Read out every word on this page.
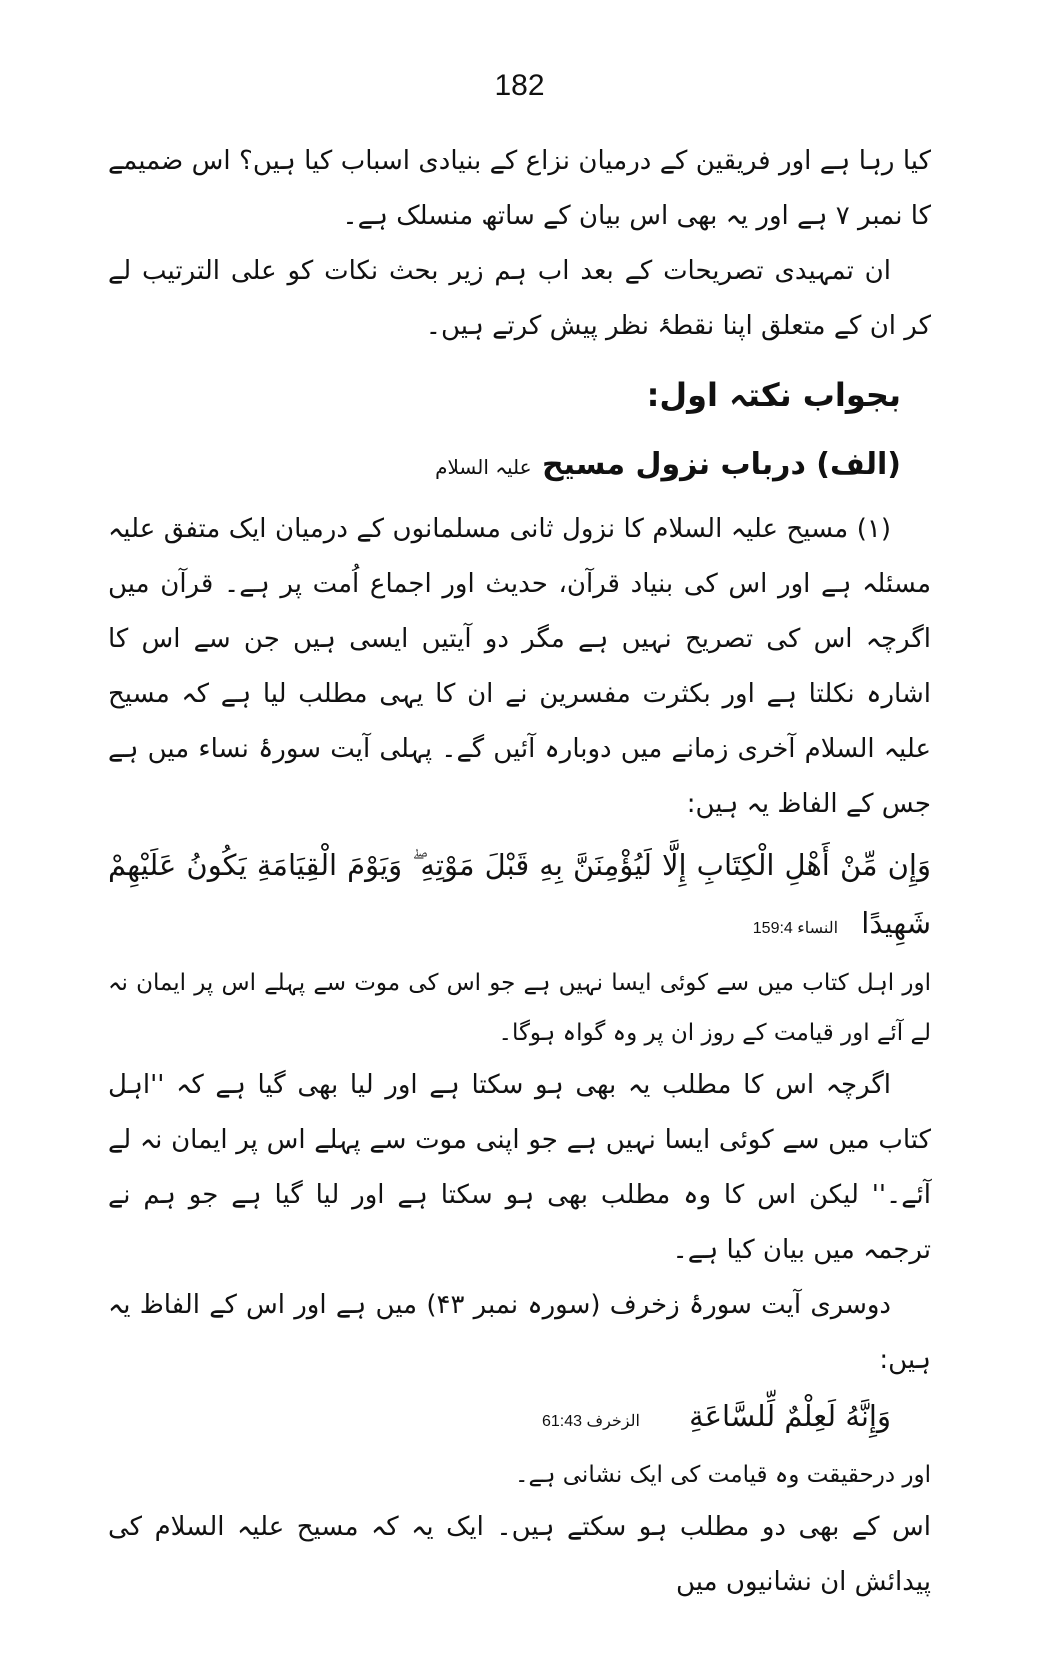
182

کیا رہا ہے اور فریقین کے درمیان نزاع کے بنیادی اسباب کیا ہیں؟ اس ضمیمے کا نمبر ۷ ہے اور یہ بھی اس بیان کے ساتھ منسلک ہے۔

ان تمہیدی تصریحات کے بعد اب ہم زیر بحث نکات کو علی الترتیب لے کر ان کے متعلق اپنا نقطۂ نظر پیش کرتے ہیں۔

بجواب نکتہ اول:
(الف) درباب نزول مسیح علیہ السلام

(۱) مسیح علیہ السلام کا نزول ثانی مسلمانوں کے درمیان ایک متفق علیہ مسئلہ ہے اور اس کی بنیاد قرآن، حدیث اور اجماع اُمت پر ہے۔ قرآن میں اگرچہ اس کی تصریح نہیں ہے مگر دو آیتیں ایسی ہیں جن سے اس کا اشارہ نکلتا ہے اور بکثرت مفسرین نے ان کا یہی مطلب لیا ہے کہ مسیح علیہ السلام آخری زمانے میں دوبارہ آئیں گے۔ پہلی آیت سورۂ نساء میں ہے جس کے الفاظ یہ ہیں:

وَإِن مِّنْ أَهْلِ الْكِتَابِ إِلَّا لَيُؤْمِنَنَّ بِهِ قَبْلَ مَوْتِهِ ۖ وَيَوْمَ الْقِيَامَةِ يَكُونُ عَلَيْهِمْ شَهِيدًا النساء 159:4

اور اہل کتاب میں سے کوئی ایسا نہیں ہے جو اس کی موت سے پہلے اس پر ایمان نہ لے آئے اور قیامت کے روز ان پر وہ گواہ ہوگا۔

اگرچہ اس کا مطلب یہ بھی ہو سکتا ہے اور لیا بھی گیا ہے کہ ''اہل کتاب میں سے کوئی ایسا نہیں ہے جو اپنی موت سے پہلے اس پر ایمان نہ لے آئے۔'' لیکن اس کا وہ مطلب بھی ہو سکتا ہے اور لیا گیا ہے جو ہم نے ترجمہ میں بیان کیا ہے۔

دوسری آیت سورۂ زخرف (سورہ نمبر ۴۳) میں ہے اور اس کے الفاظ یہ ہیں:

وَإِنَّهُ لَعِلْمٌ لِّلسَّاعَةِ الزخرف 61:43

اور درحقیقت وہ قیامت کی ایک نشانی ہے۔

اس کے بھی دو مطلب ہو سکتے ہیں۔ ایک یہ کہ مسیح علیہ السلام کی پیدائش ان نشانیوں میں
